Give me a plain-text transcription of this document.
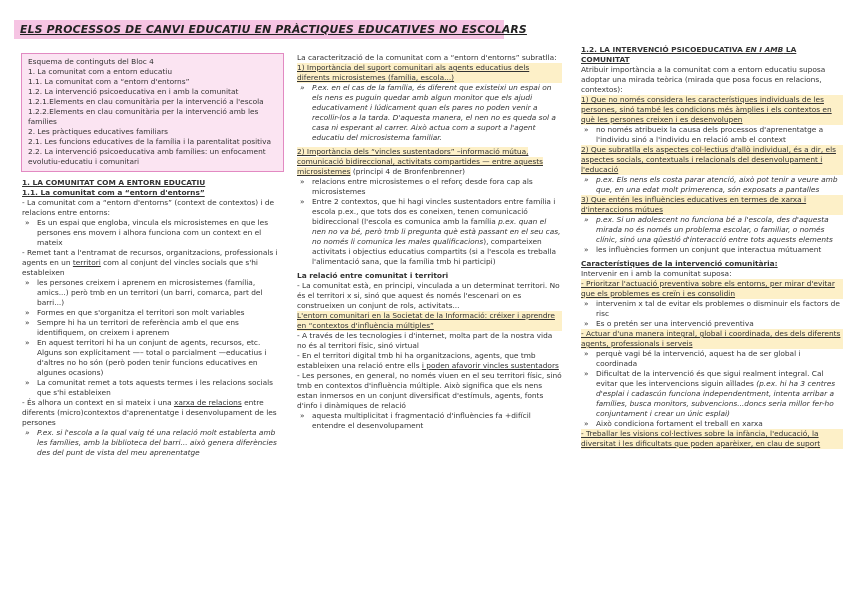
ELS PROCESSOS DE CANVI EDUCATIU EN PRÀCTIQUES EDUCATIVES NO ESCOLARS

Esquema de continguts del Bloc 4

1. La comunitat com a entorn educatiu

1.1. La comunitat com a “entorn d'entorns”

1.2. La intervenció psicoeducativa en i amb la comunitat

1.2.1.Elements en clau comunitària per la intervenció a l'escola

1.2.2.Elements en clau comunitària per la intervenció amb les famílies

2. Les pràctiques educatives familiars

2.1. Les funcions educatives de la família i la parentalitat positiva

2.2. La intervenció psicoeducativa amb famílies: un enfocament evolutiu-educatiu i comunitari

1. LA COMUNITAT COM A ENTORN EDUCATIU

1.1. La comunitat com a “entorn d'entorns”

- La comunitat com a “entorn d'entorns” (context de contextos) i de relacions entre entorns:

» Es un espai que engloba, vincula els microsistemes en que les persones ens movem i alhora funciona com un context en el mateix

- Remet tant a l'entramat de recursos, organitzacions, professionals i agents en un territori com al conjunt del vincles socials que s'hi estableixen

» les persones creixem i aprenem en microsistemes (família, amics...) però tmb en un territori (un barri, comarca, part del barri...)

» Formes en que s'organitza el territori son molt variables

» Sempre hi ha un territori de referència amb el que ens identifiquem, on creixem i aprenem

» En aquest territori hi ha un conjunt de agents, recursos, etc. Alguns son explícitament —– total o parcialment —educatius i d'altres no ho són (però poden tenir funcions educatives en algunes ocasions)

» La comunitat remet a tots aquests termes i les relacions socials que s'hi estableixen

- És alhora un context en si mateix i una xarxa de relacions entre diferents (micro)contextos d'aprenentatge i desenvolupament de les persones

» P.ex. si l'escola a la qual vaig té una relació molt establerta amb les famílies, amb la biblioteca del barri... això genera diferències des del punt de vista del meu aprenentatge

La caracterització de la comunitat com a “entorn d'entorns” subratlla:

1) Importància del suport comunitari als agents educatius dels diferents microsistemes (família, escola...)

» P.ex. en el cas de la família, és diferent que existeixi un espai on els nens es puguin quedar amb algun monitor que els ajudi educativament i lúdicament quan els pares no poden venir a recollir-los a la tarda. D'aquesta manera, el nen no es queda sol a casa ni esperant al carrer. Això actua com a suport a l'agent educatiu del microsistema familiar.

2) Importància dels “vincles sustentadors” –informació mútua, comunicació bidireccional, activitats compartides — entre aquests microsistemes (principi 4 de Bronfenbrenner)

» relacions entre microsistemes o el reforç desde fora cap als microsistemes

» Entre 2 contextos, que hi hagi vincles sustentadors entre família i escola p.ex., que tots dos es coneixen, tenen comunicació bidireccional (l'escola es comunica amb la família p.ex. quan el nen no va bé, però tmb li pregunta què està passant en el seu cas, no només li comunica les males qualificacions), comparteixen activitats i objectius educatius compartits (si a l'escola es treballa l'alimentació sana, que la família tmb hi participi)

La relació entre comunitat i territori

- La comunitat està, en principi, vinculada a un determinat territori. No és el territori x si, sinó que aquest és només l'escenari on es construeixen un conjunt de rols, activitats...

L'entorn comunitari en la Societat de la Informació: créixer i aprendre en “contextos d'influència múltiples”

- A través de les tecnologies i d'internet, molta part de la nostra vida no és al territori físic, sinó virtual

- En el territori digital tmb hi ha organitzacions, agents, que tmb estableixen una relació entre ells i poden afavorir vincles sustentadors

- Les persones, en general, no només viuen en el seu territori físic, sinó tmb en contextos d'influència múltiple. Això significa que els nens estan inmersos en un conjunt diversificat d'estímuls, agents, fonts d'info i dinàmiques de relació

» aquesta multiplicitat i fragmentació d'influències fa +difícil entendre el desenvolupament

1.2. LA INTERVENCIÓ PSICOEDUCATIVA EN I AMB LA COMUNITAT

Atribuir importància a la comunitat com a entorn educatiu suposa adoptar una mirada teòrica (mirada que posa focus en relacions, contextos):

1) Que no només considera les característiques individuals de les persones, sinó també les condicions més àmplies i els contextos en què les persones creixen i es desenvolupen

» no només atribueix la causa dels processos d'aprenentatge a l'individu sinó a l'individu en relació amb el context

2) Que subratlla els aspectes col·lectius d'allò individual, és a dir, els aspectes socials, contextuals i relacionals del desenvolupament i l'educació

» p.ex. Els nens els costa parar atenció, això pot tenir a veure amb que, en una edat molt primerenca, són exposats a pantalles

3) Que entén les influències educatives en termes de xarxa i d'interaccions mútues

» p.ex. Si un adolescent no funciona bé a l'escola, des d'aquesta mirada no és només un problema escolar, o familiar, o només clínic, sinó una qüestió d'interacció entre tots aquests elements

» les influències formen un conjunt que interactua mútuament

Característiques de la intervenció comunitària:

Intervenir en i amb la comunitat suposa:

- Prioritzar l'actuació preventiva sobre els entorns, per mirar d'evitar que els problemes es creïn i es consolidin

» intervenim x tal de evitar els problemes o disminuir els factors de risc

» Es o pretén ser una intervenció preventiva

- Actuar d'una manera integral, global i coordinada, des dels diferents agents, professionals i serveis

» perquè vagi bé la intervenció, aquest ha de ser global i coordinada

» Dificultat de la intervenció és que sigui realment integral. Cal evitar que les intervencions siguin aïllades (p.ex. hi ha 3 centres d'esplai i cadascún funciona independentment, intenta arribar a famílies, busca monitors, subvencions...doncs seria millor fer-ho conjuntament i crear un únic esplai)

» Això condiciona fortament el treball en xarxa

- Treballar les visions col·lectives sobre la infància, l'educació, la diversitat i les dificultats que poden aparèixer, en clau de suport
